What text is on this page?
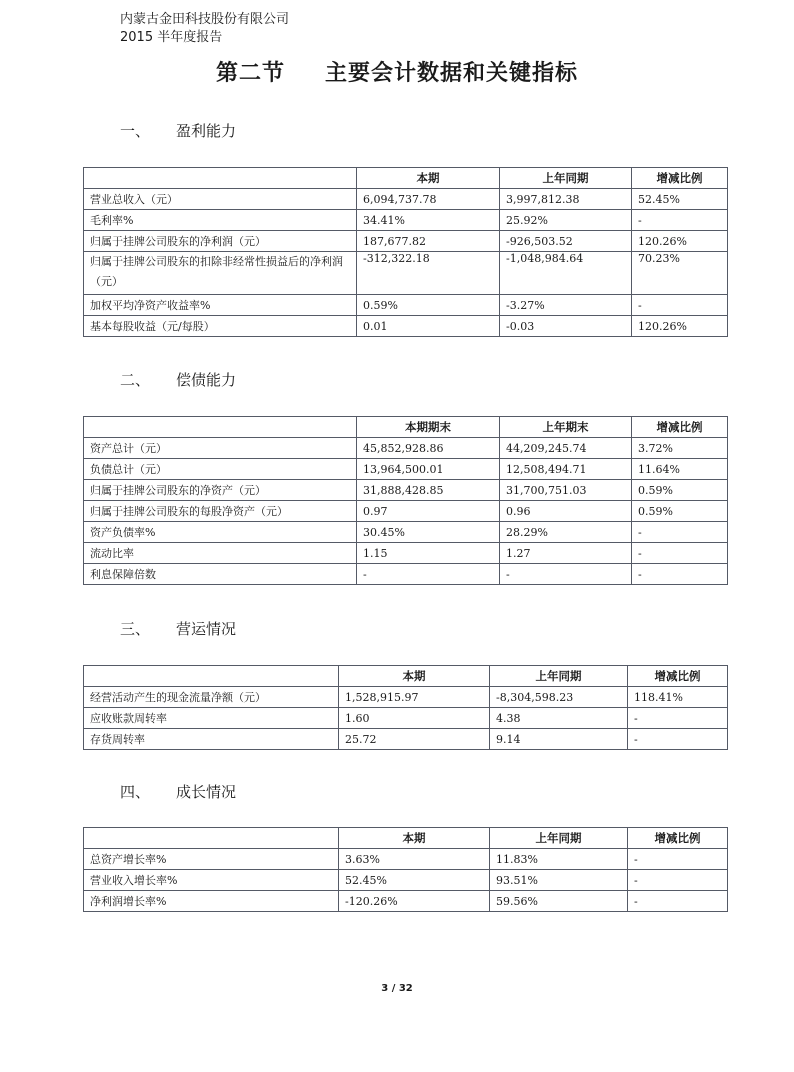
内蒙古金田科技股份有限公司
2015 半年度报告
第二节 主要会计数据和关键指标
一、 盈利能力
	本期	上年同期	增减比例
营业总收入（元）	6,094,737.78	3,997,812.38	52.45%
毛利率%	34.41%	25.92%	-
归属于挂牌公司股东的净利润（元）	187,677.82	-926,503.52	120.26%
归属于挂牌公司股东的扣除非经常性损益后的净利润（元）	-312,322.18	-1,048,984.64	70.23%
加权平均净资产收益率%	0.59%	-3.27%	-
基本每股收益（元/每股）	0.01	-0.03	120.26%
二、 偿债能力
	本期期末	上年期末	增减比例
资产总计（元）	45,852,928.86	44,209,245.74	3.72%
负债总计（元）	13,964,500.01	12,508,494.71	11.64%
归属于挂牌公司股东的净资产（元）	31,888,428.85	31,700,751.03	0.59%
归属于挂牌公司股东的每股净资产（元）	0.97	0.96	0.59%
资产负债率%	30.45%	28.29%	-
流动比率	1.15	1.27	-
利息保障倍数	-	-	-
三、 营运情况
	本期	上年同期	增减比例
经营活动产生的现金流量净额（元）	1,528,915.97	-8,304,598.23	118.41%
应收账款周转率	1.60	4.38	-
存货周转率	25.72	9.14	-
四、 成长情况
	本期	上年同期	增减比例
总资产增长率%	3.63%	11.83%	-
营业收入增长率%	52.45%	93.51%	-
净利润增长率%	-120.26%	59.56%	-
3 / 32
